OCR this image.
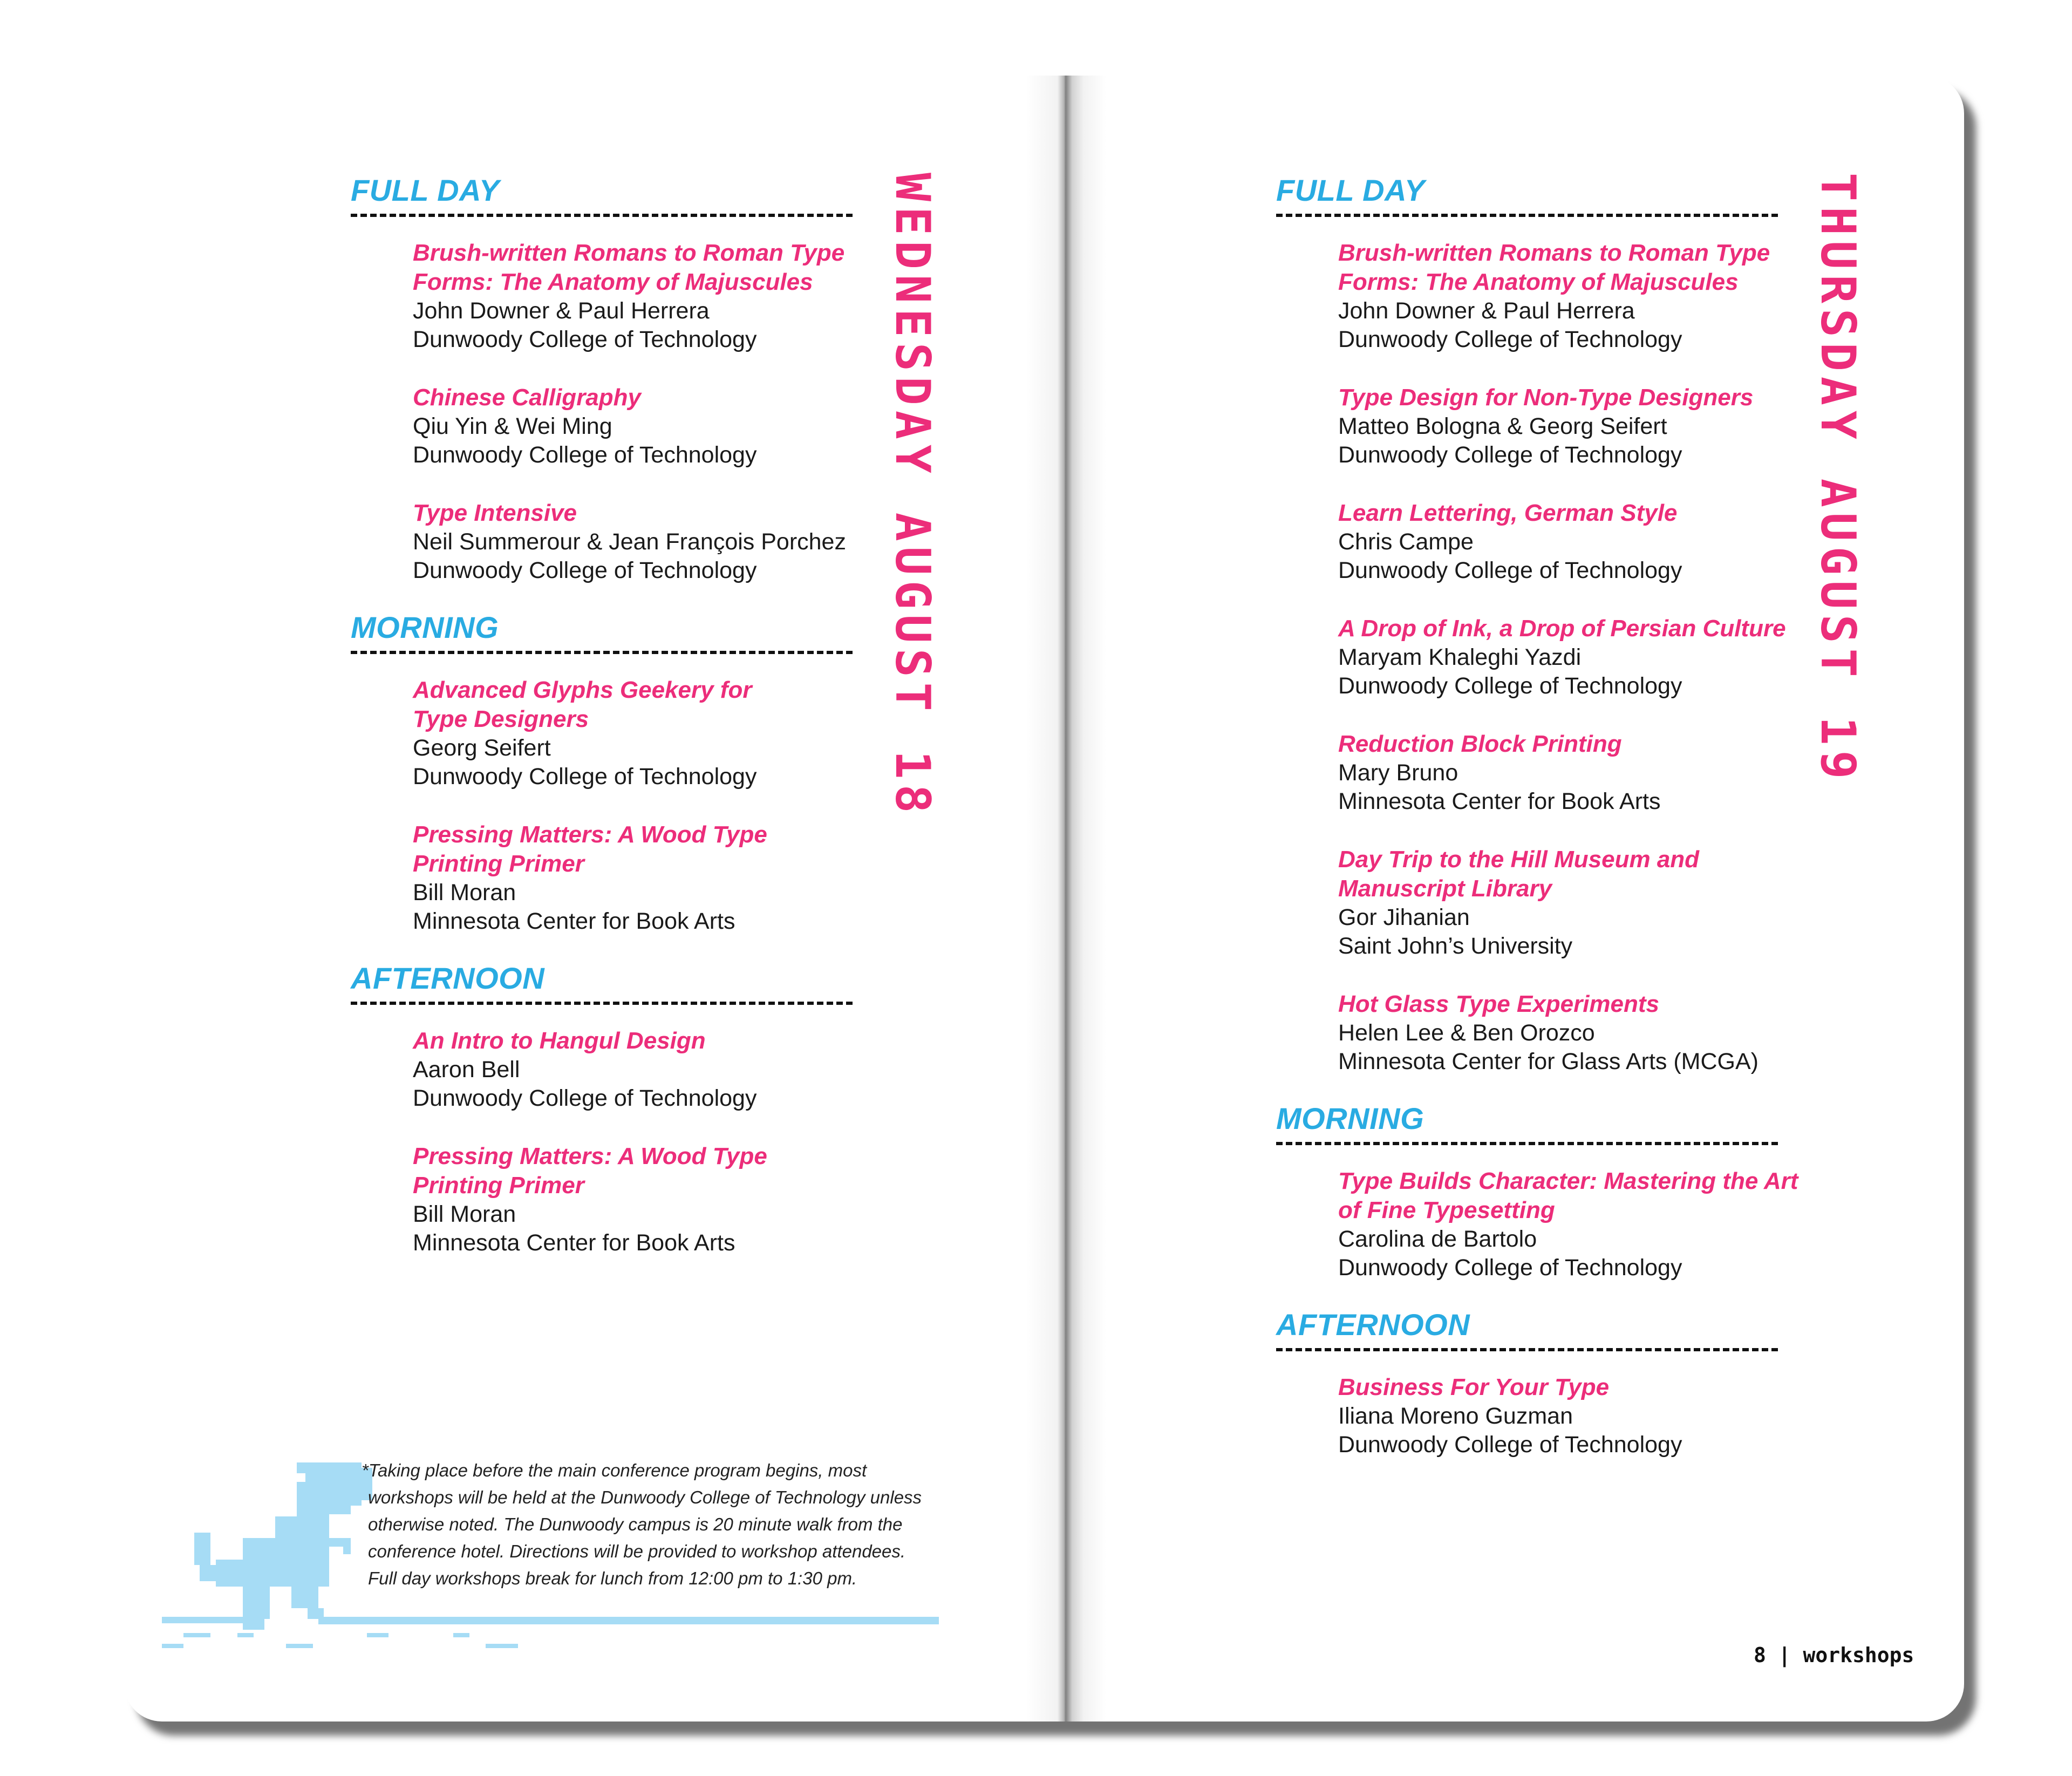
FULL DAY
Brush-written Romans to Roman Type
Forms: The Anatomy of Majuscules
John Downer & Paul Herrera
Dunwoody College of Technology
Chinese Calligraphy
Qiu Yin & Wei Ming
Dunwoody College of Technology
Type Intensive
Neil Summerour & Jean François Porchez
Dunwoody College of Technology
MORNING
Advanced Glyphs Geekery for
Type Designers
Georg Seifert
Dunwoody College of Technology
Pressing Matters: A Wood Type
Printing Primer
Bill Moran
Minnesota Center for Book Arts
AFTERNOON
An Intro to Hangul Design
Aaron Bell
Dunwoody College of Technology
Pressing Matters: A Wood Type
Printing Primer
Bill Moran
Minnesota Center for Book Arts
WEDNESDAY AUGUST 18

*Taking place before the main conference program begins, most

workshops will be held at the Dunwoody College of Technology unless

otherwise noted. The Dunwoody campus is 20 minute walk from the

conference hotel. Directions will be provided to workshop attendees.

Full day workshops break for lunch from 12:00 pm to 1:30 pm.

FULL DAY
Brush-written Romans to Roman Type
Forms: The Anatomy of Majuscules
John Downer & Paul Herrera
Dunwoody College of Technology
Type Design for Non-Type Designers
Matteo Bologna & Georg Seifert
Dunwoody College of Technology
Learn Lettering, German Style
Chris Campe
Dunwoody College of Technology
A Drop of Ink, a Drop of Persian Culture
Maryam Khaleghi Yazdi
Dunwoody College of Technology
Reduction Block Printing
Mary Bruno
Minnesota Center for Book Arts
Day Trip to the Hill Museum and
Manuscript Library
Gor Jihanian
Saint John’s University
Hot Glass Type Experiments
Helen Lee & Ben Orozco
Minnesota Center for Glass Arts (MCGA)
MORNING
Type Builds Character: Mastering the Art
of Fine Typesetting
Carolina de Bartolo
Dunwoody College of Technology
AFTERNOON
Business For Your Type
Iliana Moreno Guzman
Dunwoody College of Technology
THURSDAY AUGUST 19
8 | workshops
